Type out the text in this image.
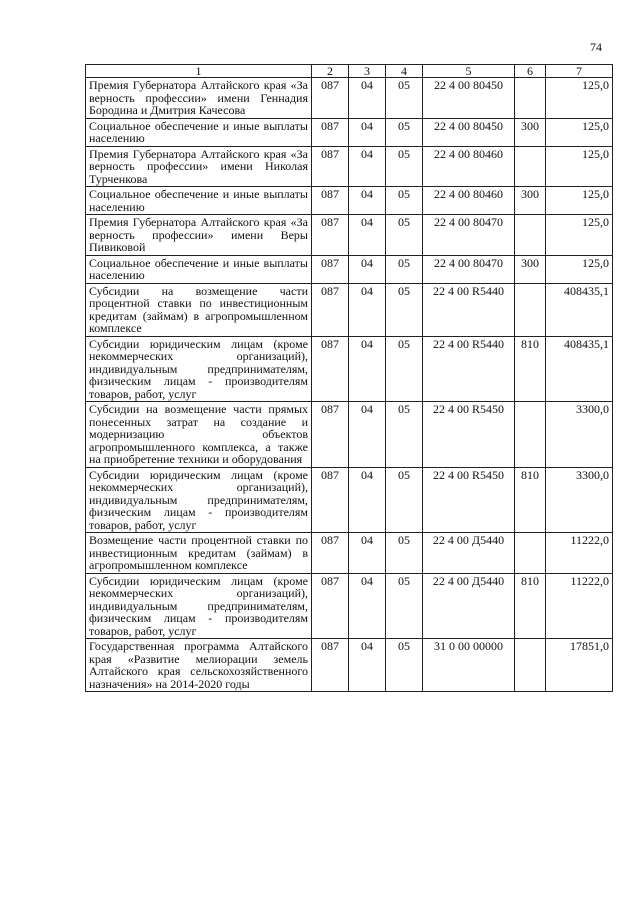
74
1	2	3	4	5	6	7
Премия Губернатора Алтайского края «За верность профессии» имени Геннадия Бородина и Дмитрия Качесова	087	04	05	22 4 00 80450		125,0
Социальное обеспечение и иные выплаты населению	087	04	05	22 4 00 80450	300	125,0
Премия Губернатора Алтайского края «За верность профессии» имени Николая Турченкова	087	04	05	22 4 00 80460		125,0
Социальное обеспечение и иные выплаты населению	087	04	05	22 4 00 80460	300	125,0
Премия Губернатора Алтайского края «За верность профессии» имени Веры Пивиковой	087	04	05	22 4 00 80470		125,0
Социальное обеспечение и иные выплаты населению	087	04	05	22 4 00 80470	300	125,0
Субсидии на возмещение части процентной ставки по инвестиционным кредитам (займам) в агропромышленном комплексе	087	04	05	22 4 00 R5440		408435,1
Субсидии юридическим лицам (кроме некоммерческих организаций), индивидуальным предпринимателям, физическим лицам - производителям товаров, работ, услуг	087	04	05	22 4 00 R5440	810	408435,1
Субсидии на возмещение части прямых понесенных затрат на создание и модернизацию объектов агропромышленного комплекса, а также на приобретение техники и оборудования	087	04	05	22 4 00 R5450		3300,0
Субсидии юридическим лицам (кроме некоммерческих организаций), индивидуальным предпринимателям, физическим лицам - производителям товаров, работ, услуг	087	04	05	22 4 00 R5450	810	3300,0
Возмещение части процентной ставки по инвестиционным кредитам (займам) в агропромышленном комплексе	087	04	05	22 4 00 Д5440		11222,0
Субсидии юридическим лицам (кроме некоммерческих организаций), индивидуальным предпринимателям, физическим лицам - производителям товаров, работ, услуг	087	04	05	22 4 00 Д5440	810	11222,0
Государственная программа Алтайского края «Развитие мелиорации земель Алтайского края сельскохозяйственного назначения» на 2014-2020 годы	087	04	05	31 0 00 00000		17851,0
